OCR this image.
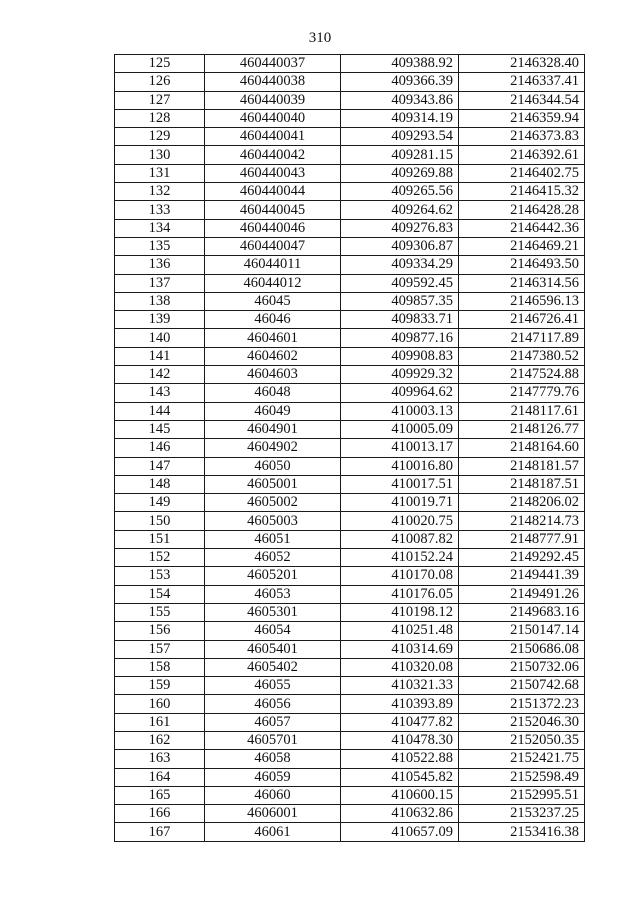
310
125	460440037	409388.92	2146328.40
126	460440038	409366.39	2146337.41
127	460440039	409343.86	2146344.54
128	460440040	409314.19	2146359.94
129	460440041	409293.54	2146373.83
130	460440042	409281.15	2146392.61
131	460440043	409269.88	2146402.75
132	460440044	409265.56	2146415.32
133	460440045	409264.62	2146428.28
134	460440046	409276.83	2146442.36
135	460440047	409306.87	2146469.21
136	46044011	409334.29	2146493.50
137	46044012	409592.45	2146314.56
138	46045	409857.35	2146596.13
139	46046	409833.71	2146726.41
140	4604601	409877.16	2147117.89
141	4604602	409908.83	2147380.52
142	4604603	409929.32	2147524.88
143	46048	409964.62	2147779.76
144	46049	410003.13	2148117.61
145	4604901	410005.09	2148126.77
146	4604902	410013.17	2148164.60
147	46050	410016.80	2148181.57
148	4605001	410017.51	2148187.51
149	4605002	410019.71	2148206.02
150	4605003	410020.75	2148214.73
151	46051	410087.82	2148777.91
152	46052	410152.24	2149292.45
153	4605201	410170.08	2149441.39
154	46053	410176.05	2149491.26
155	4605301	410198.12	2149683.16
156	46054	410251.48	2150147.14
157	4605401	410314.69	2150686.08
158	4605402	410320.08	2150732.06
159	46055	410321.33	2150742.68
160	46056	410393.89	2151372.23
161	46057	410477.82	2152046.30
162	4605701	410478.30	2152050.35
163	46058	410522.88	2152421.75
164	46059	410545.82	2152598.49
165	46060	410600.15	2152995.51
166	4606001	410632.86	2153237.25
167	46061	410657.09	2153416.38
